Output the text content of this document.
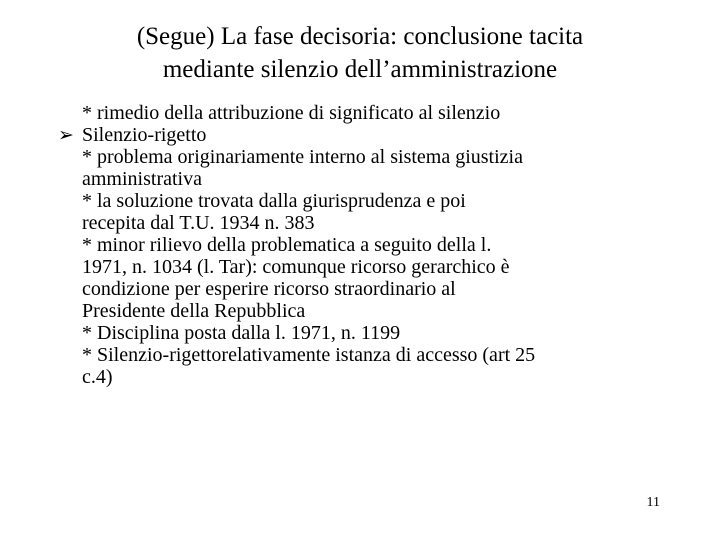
(Segue) La fase decisoria: conclusione tacita
mediante silenzio dell’amministrazione
* rimedio della attribuzione di significato al silenzio
➢ Silenzio-rigetto
* problema originariamente interno al sistema giustizia
amministrativa
* la soluzione trovata dalla giurisprudenza e poi
recepita dal T.U. 1934 n. 383
* minor rilievo della problematica a seguito della l.
1971, n. 1034 (l. Tar): comunque ricorso gerarchico è
condizione per esperire ricorso straordinario al
Presidente della Repubblica
* Disciplina posta dalla l. 1971, n. 1199
* Silenzio-rigettorelativamente istanza di accesso (art 25
c.4)
11
